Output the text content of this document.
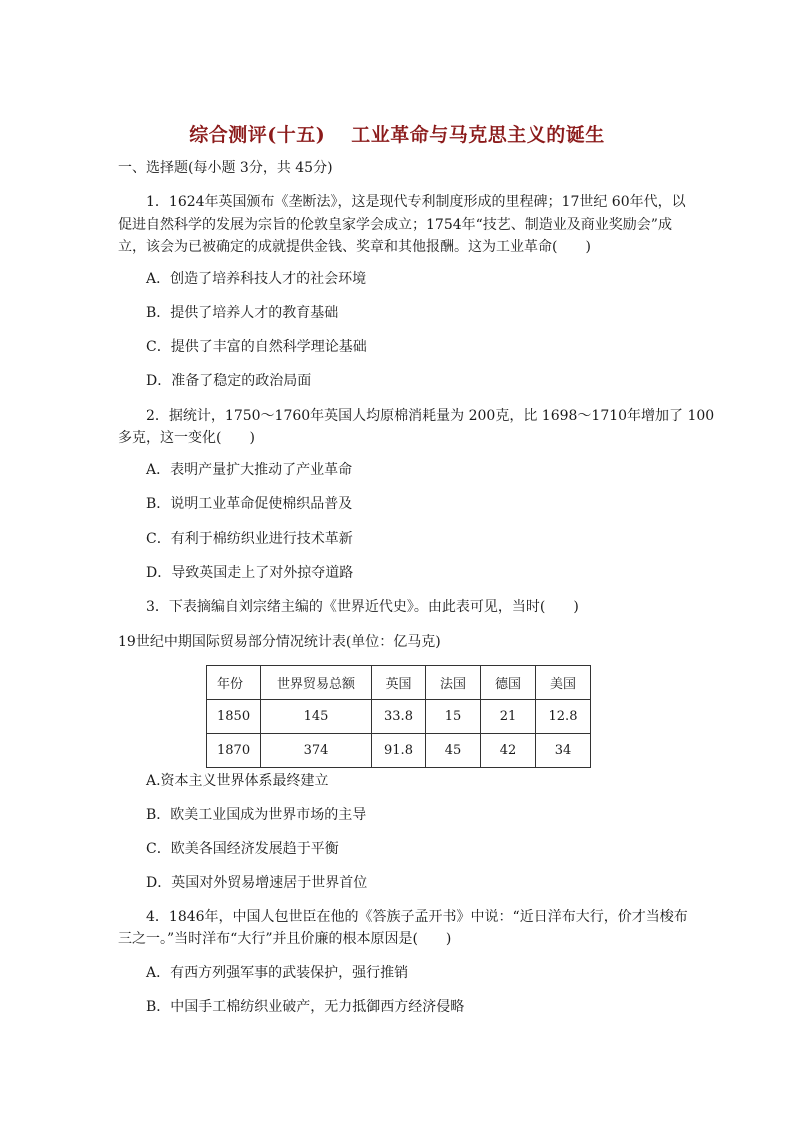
综合测评(十五) 工业革命与马克思主义的诞生
一、选择题(每小题 3分，共 45分)
1．1624年英国颁布《垄断法》，这是现代专利制度形成的里程碑；17世纪 60年代，以
促进自然科学的发展为宗旨的伦敦皇家学会成立；1754年“技艺、制造业及商业奖励会”成
立，该会为已被确定的成就提供金钱、奖章和其他报酬。这为工业革命(　　)
A．创造了培养科技人才的社会环境
B．提供了培养人才的教育基础
C．提供了丰富的自然科学理论基础
D．准备了稳定的政治局面
2．据统计，1750～1760年英国人均原棉消耗量为 200克，比 1698～1710年增加了 100
多克，这一变化(　　)
A．表明产量扩大推动了产业革命
B．说明工业革命促使棉织品普及
C．有利于棉纺织业进行技术革新
D．导致英国走上了对外掠夺道路
3．下表摘编自刘宗绪主编的《世界近代史》。由此表可见，当时(　　)
19世纪中期国际贸易部分情况统计表(单位：亿马克)
年份	世界贸易总额	英国	法国	德国	美国
1850	145	33.8	15	21	12.8
1870	374	91.8	45	42	34
A.资本主义世界体系最终建立
B．欧美工业国成为世界市场的主导
C．欧美各国经济发展趋于平衡
D．英国对外贸易增速居于世界首位
4．1846年，中国人包世臣在他的《答族子孟开书》中说：“近日洋布大行，价才当梭布
三之一。”当时洋布“大行”并且价廉的根本原因是(　　)
A．有西方列强军事的武装保护，强行推销
B．中国手工棉纺织业破产，无力抵御西方经济侵略
